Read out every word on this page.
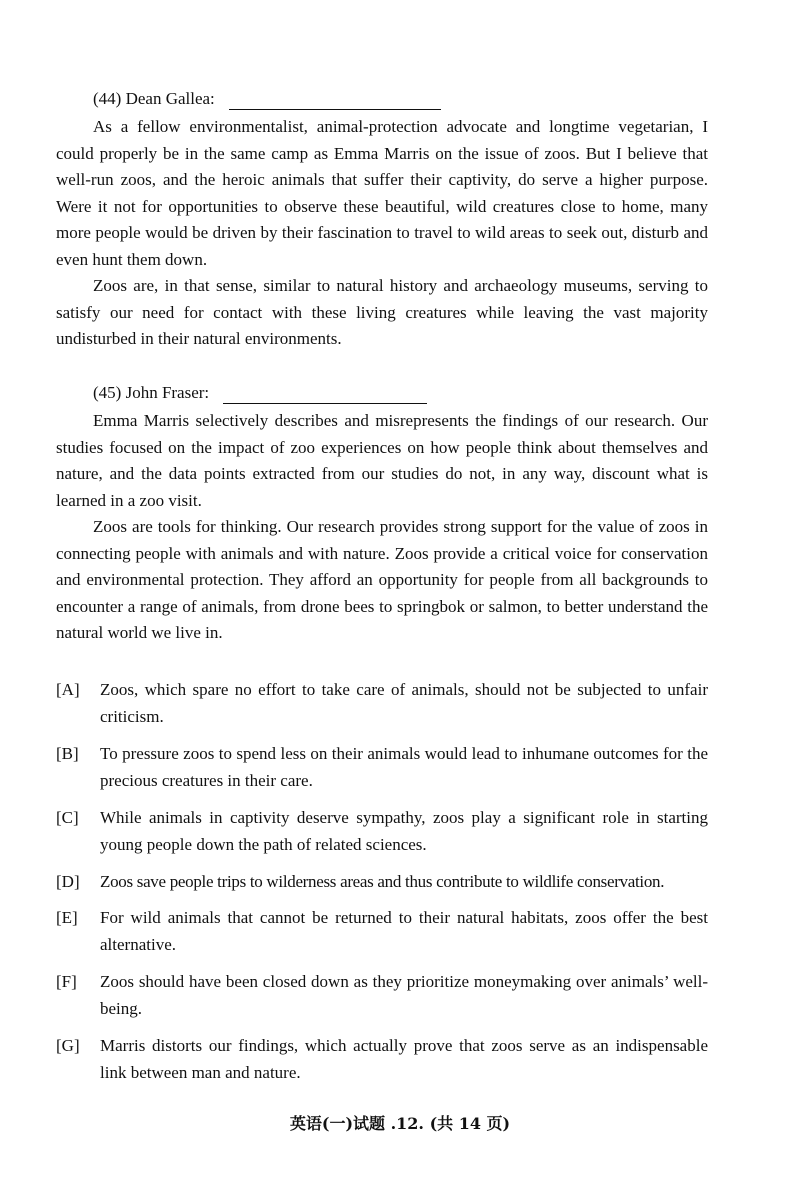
(44) Dean Gallea:

As a fellow environmentalist, animal-protection advocate and longtime vegetarian, I could properly be in the same camp as Emma Marris on the issue of zoos. But I believe that well-run zoos, and the heroic animals that suffer their captivity, do serve a higher purpose. Were it not for opportunities to observe these beautiful, wild creatures close to home, many more people would be driven by their fascination to travel to wild areas to seek out, disturb and even hunt them down.

Zoos are, in that sense, similar to natural history and archaeology museums, serving to satisfy our need for contact with these living creatures while leaving the vast majority undisturbed in their natural environments.

(45) John Fraser:

Emma Marris selectively describes and misrepresents the findings of our research. Our studies focused on the impact of zoo experiences on how people think about themselves and nature, and the data points extracted from our studies do not, in any way, discount what is learned in a zoo visit.

Zoos are tools for thinking. Our research provides strong support for the value of zoos in connecting people with animals and with nature. Zoos provide a critical voice for conservation and environmental protection. They afford an opportunity for people from all backgrounds to encounter a range of animals, from drone bees to springbok or salmon, to better understand the natural world we live in.

[A] Zoos, which spare no effort to take care of animals, should not be subjected to unfair criticism.

[B] To pressure zoos to spend less on their animals would lead to inhumane outcomes for the precious creatures in their care.

[C] While animals in captivity deserve sympathy, zoos play a significant role in starting young people down the path of related sciences.

[D] Zoos save people trips to wilderness areas and thus contribute to wildlife conservation.

[E] For wild animals that cannot be returned to their natural habitats, zoos offer the best alternative.

[F] Zoos should have been closed down as they prioritize moneymaking over animals’ well-being.

[G] Marris distorts our findings, which actually prove that zoos serve as an indispensable link between man and nature.

英语(一)试题 .12. (共 14 页)
